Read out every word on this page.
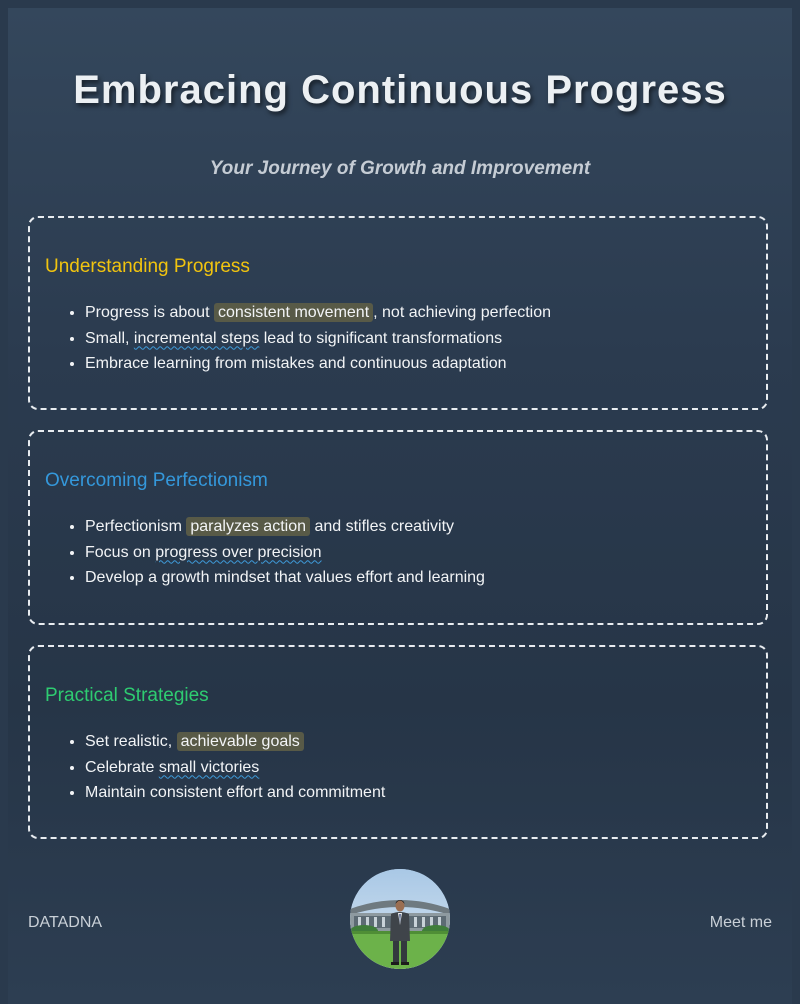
Embracing Continuous Progress
Your Journey of Growth and Improvement
Understanding Progress
• Progress is about consistent movement , not achieving perfection
• Small, incremental steps lead to significant transformations
• Embrace learning from mistakes and continuous adaptation
Overcoming Perfectionism
• Perfectionism paralyzes action and stifles creativity
• Focus on progress over precision
• Develop a growth mindset that values effort and learning
Practical Strategies
• Set realistic, achievable goals
• Celebrate small victories
• Maintain consistent effort and commitment
DATADNA	Meet me
